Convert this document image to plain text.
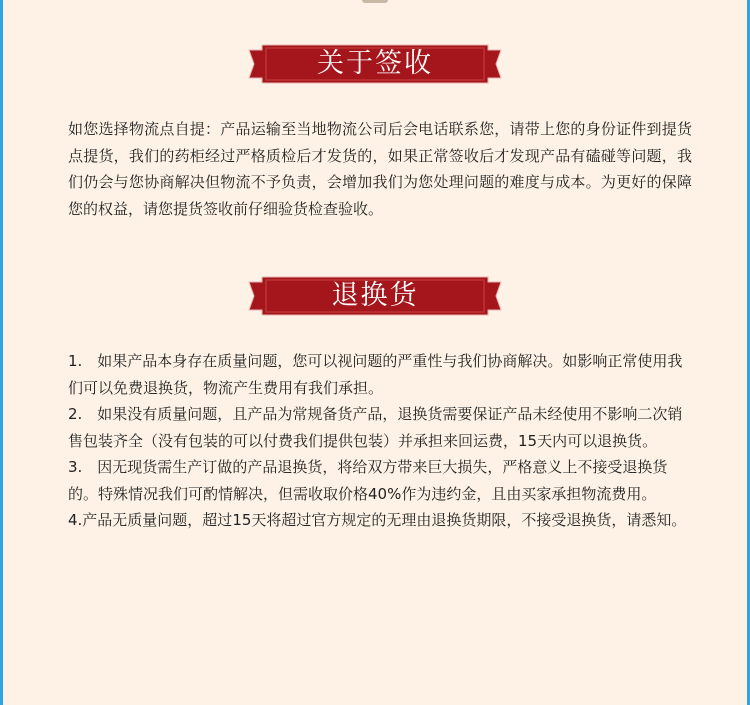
关于签收

如您选择物流点自提：产品运输至当地物流公司后会电话联系您，请带上您的身份证件到提货点提货，我们的药柜经过严格质检后才发货的，如果正常签收后才发现产品有磕碰等问题，我们仍会与您协商解决但物流不予负责，会增加我们为您处理问题的难度与成本。为更好的保障您的权益，请您提货签收前仔细验货检查验收。

退换货

1.　如果产品本身存在质量问题，您可以视问题的严重性与我们协商解决。如影响正常使用我们可以免费退换货，物流产生费用有我们承担。

2.　如果没有质量问题，且产品为常规备货产品，退换货需要保证产品未经使用不影响二次销售包装齐全（没有包装的可以付费我们提供包装）并承担来回运费，15天内可以退换货。

3.　因无现货需生产订做的产品退换货，将给双方带来巨大损失，严格意义上不接受退换货的。特殊情况我们可酌情解决，但需收取价格40%作为违约金，且由买家承担物流费用。

4.产品无质量问题，超过15天将超过官方规定的无理由退换货期限，不接受退换货，请悉知。
